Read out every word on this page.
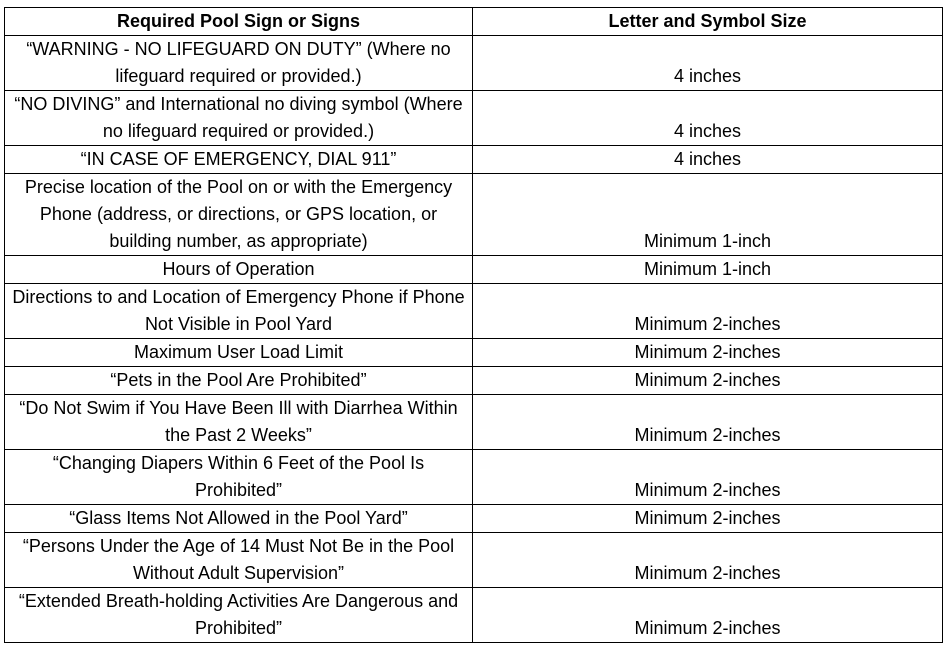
Required Pool Sign or Signs	Letter and Symbol Size
“WARNING - NO LIFEGUARD ON DUTY” (Where no lifeguard required or provided.)	4 inches
“NO DIVING” and International no diving symbol (Where no lifeguard required or provided.)	4 inches
“IN CASE OF EMERGENCY, DIAL 911”	4 inches
Precise location of the Pool on or with the Emergency Phone (address, or directions, or GPS location, or building number, as appropriate)	Minimum 1-inch
Hours of Operation	Minimum 1-inch
Directions to and Location of Emergency Phone if Phone Not Visible in Pool Yard	Minimum 2-inches
Maximum User Load Limit	Minimum 2-inches
“Pets in the Pool Are Prohibited”	Minimum 2-inches
“Do Not Swim if You Have Been Ill with Diarrhea Within the Past 2 Weeks”	Minimum 2-inches
“Changing Diapers Within 6 Feet of the Pool Is Prohibited”	Minimum 2-inches
“Glass Items Not Allowed in the Pool Yard”	Minimum 2-inches
“Persons Under the Age of 14 Must Not Be in the Pool Without Adult Supervision”	Minimum 2-inches
“Extended Breath-holding Activities Are Dangerous and Prohibited”	Minimum 2-inches
